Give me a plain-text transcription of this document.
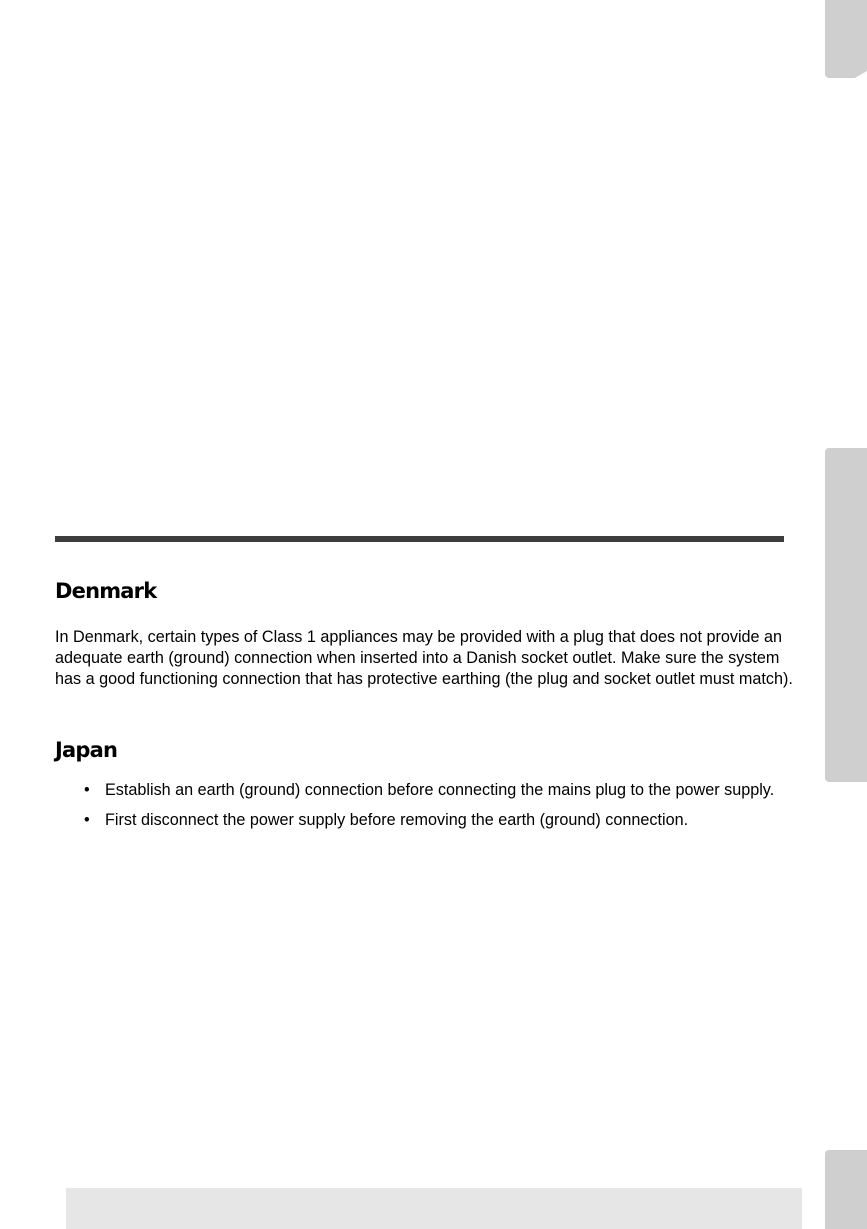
Denmark

In Denmark, certain types of Class 1 appliances may be provided with a plug that does not provide an adequate earth (ground) connection when inserted into a Danish socket outlet. Make sure the system has a good functioning connection that has protective earthing (the plug and socket outlet must match).

Japan
• Establish an earth (ground) connection before connecting the mains plug to the power supply.
• First disconnect the power supply before removing the earth (ground) connection.
